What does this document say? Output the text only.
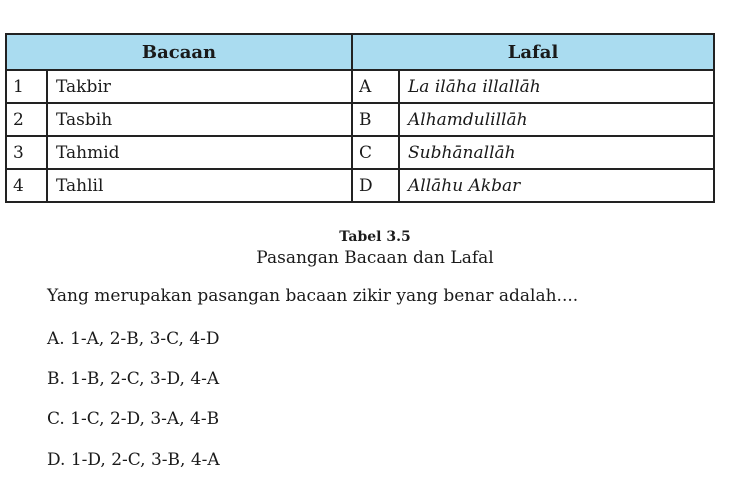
Bacaan		Lafal	
1	Takbir	A	La ilāha illallāh
2	Tasbih	B	Alhamdulillāh
3	Tahmid	C	Subhānallāh
4	Tahlil	D	Allāhu Akbar
Tabel 3.5
Pasangan Bacaan dan Lafal
Yang merupakan pasangan bacaan zikir yang benar adalah....
A. 1-A, 2-B, 3-C, 4-D
B. 1-B, 2-C, 3-D, 4-A
C. 1-C, 2-D, 3-A, 4-B
D. 1-D, 2-C, 3-B, 4-A
